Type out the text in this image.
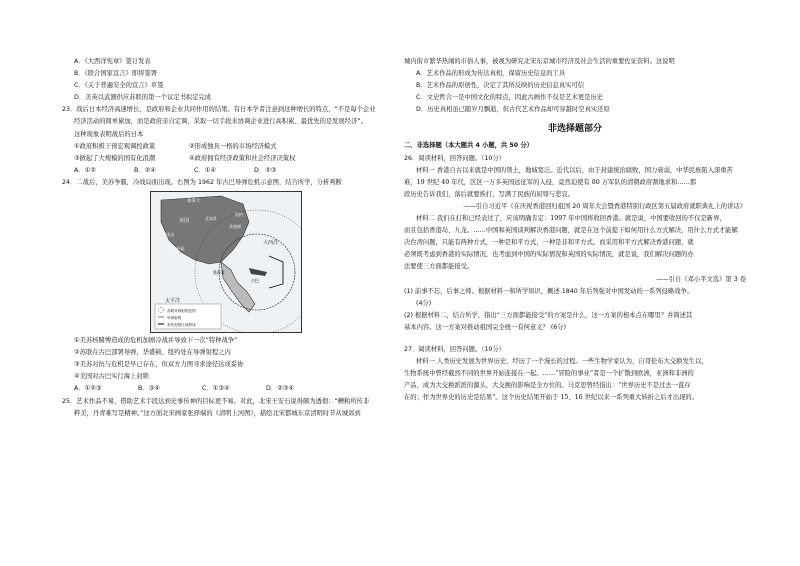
A．《大西洋宪章》签订发表

B．《联合国家宣言》即将签署

C．《关于普遍安全的宣言》草签

D．美英以武器供应苏联的第一个议定书拟定完成

23．战后日本经济高速增长，是政府和企业共同作用的结果。有日本学者注意到这种增长的特点，“不是每个企业

经济活动的简单累加，而是政府亲自定调，采取一切手段来协调企业进行高积累、最优先的是发展经济”。

这种现象表明战后的日本

①政府积极干预宏观调控政策	②形成独具一格的市场经济模式

③掀起了大规模的国有化浪潮	④政府拥有经济政策和社会经济决策权

A．①②	B．②④	C．①④	D．②③

24．二战后，美苏争霸，冷战局面出现。右图为 1962 年古巴导弹危机示意图，结合所学，分析判断

美国
加拿大
纽约
华盛顿
大西洋
太平洋
古巴
芝加哥
旧金山
洛杉矶
墨西哥
苏联导弹射程范围
导弹射程
美军封锁区域界线

①美苏核赌博造成的危机加剧冷战并导致下一次“特种战争”

②苏联在古巴部署导弹，华盛顿、纽约处在导弹射程之内

③美苏对抗与危机是早已存在，但双方力图寻求途径达成妥协

④美国对古巴实行海上封锁

A．①②③	B．③④	C．①③④	D．②③④

25．艺术作品不易，借助艺术手段达到史事传神的目标更不易。对此，北宋王安石说得颇为透彻：“糟粕所传非

粹美，丹青难写是精神。”这方面北宋画家张择端的《清明上河图》，描绘北宋都城东京清明时节从城郊到

城内街市繁华热闹的市俗人事，被视为研究北宋东京城市经济及社会生活的重要佐证资料。这说明

A．艺术作品的形成为传达真相，保留历史信息的工具

B．艺术作品的原创性，决定了其所反映的历史信息真实可信

C．文史哲合一是中国文化的特点，因此古画作不仅是艺术更是历史

D．历史真相虽已随岁月飘逝，但古代艺术作品却可穿越时空真实还原

非选择题部分

二、非选择题（本大题共 4 小题，共 50 分）

26．阅读材料，回答问题。（10分）

材料一 香港自古以来就是中国的领土，地域宽泛。近代以后，由于封建统治腐败，国力衰弱，中华民族陷入深重苦

难，19 世纪 40 年代，区区一万多英国远征军的入侵，竟然迫使有 80 万军队的清朝政府割地求和……那

段历史告诉我们，落后就要挨打，写满了民族的屈辱与悲哀。

——引自习近平《在庆祝香港回归祖国 20 周年大会暨香港特别行政区第五届政府就职典礼上的讲话》

材料二 我们在打和已经表过了，应该明确肯定：1997 年中国将收回香港。就是说，中国要收回的不仅是新界，

而且包括香港岛、九龙。……中国和英国谈判解决香港问题，就是在这个前提下如何用什么方式解决，用什么方式才能解

决台湾问题，只能有两种方式，一种是和平方式，一种是非和平方式。而采用和平方式解决香港问题，就

必须既考虑到香港的实际情况，也考虑到中国的实际情况和英国的实际情况，就是说，我们解决问题的办

法要使三方面都能接受。

——引自《邓小平文选》第 3 卷

(1) 前事不忘，后事之师。根据材料一和所学知识，概述 1840 年后列强对中国发动的一系列侵略战争。

(4分)

(2) 根据材料二，结合所学，指出“三方面都能接受”的方案是什么，这一方案的根本点在哪里？并简述其

基本内容。这一方案对推动祖国完全统一有何意义？ (6分)

27．阅读材料，回答问题。（10分）

材料一 人类历史发展为世界历史，经历了一个漫长的过程。一些生物学家认为，自哥伦布大交换发生以，

生物系统中曾经截然不同的世界开始连接在一起。……“冒险的事业”者是一个扩散到欧洲，亚洲和非洲的

产品，成为大交换派派的源头，大交换的影响是全方位的。马克思曾经指出：“世界历史不是过去一直存

在的；作为世界史的历史是结果”。这个历史结果开始于 15、16 世纪以来一系列重大转折之后才出现的。
